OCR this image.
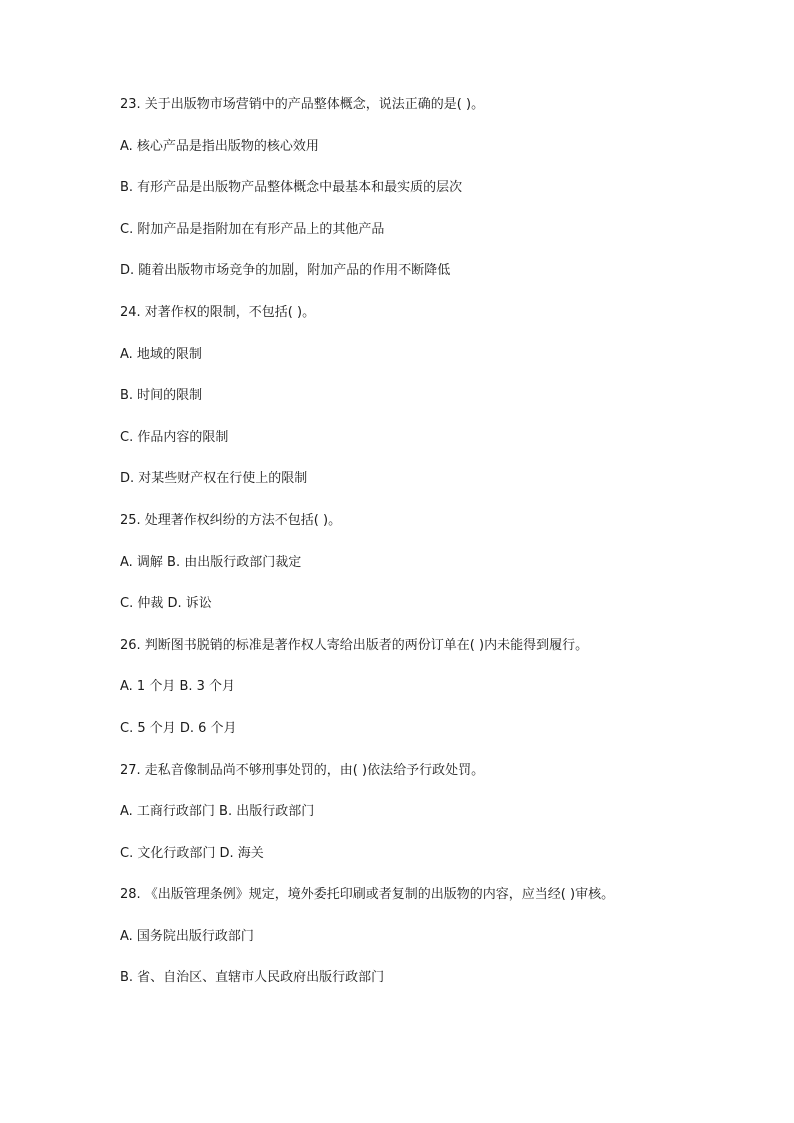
23. 关于出版物市场营销中的产品整体概念，说法正确的是( )。
A. 核心产品是指出版物的核心效用
B. 有形产品是出版物产品整体概念中最基本和最实质的层次
C. 附加产品是指附加在有形产品上的其他产品
D. 随着出版物市场竞争的加剧，附加产品的作用不断降低
24. 对著作权的限制，不包括( )。
A. 地域的限制
B. 时间的限制
C. 作品内容的限制
D. 对某些财产权在行使上的限制
25. 处理著作权纠纷的方法不包括( )。
A. 调解 B. 由出版行政部门裁定
C. 仲裁 D. 诉讼
26. 判断图书脱销的标准是著作权人寄给出版者的两份订单在( )内未能得到履行。
A. 1 个月 B. 3 个月
C. 5 个月 D. 6 个月
27. 走私音像制品尚不够刑事处罚的，由( )依法给予行政处罚。
A. 工商行政部门 B. 出版行政部门
C. 文化行政部门 D. 海关
28. 《出版管理条例》规定，境外委托印刷或者复制的出版物的内容，应当经( )审核。
A. 国务院出版行政部门
B. 省、自治区、直辖市人民政府出版行政部门
